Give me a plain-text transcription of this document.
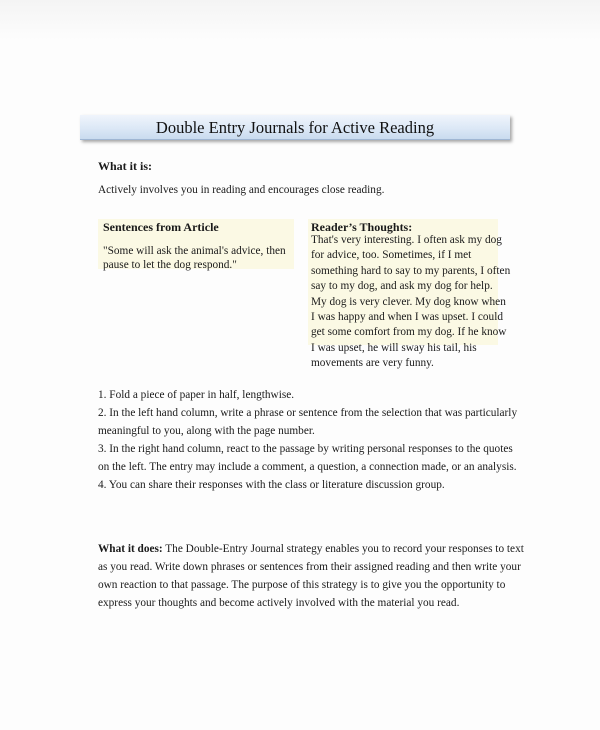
Double Entry Journals for Active Reading
What it is:
Actively involves you in reading and encourages close reading.
Sentences from Article
"Some will ask the animal's advice, then pause to let the dog respond."
Reader’s Thoughts:
That's very interesting. I often ask my dog for advice, too. Sometimes, if I met something hard to say to my parents, I often say to my dog, and ask my dog for help. My dog is very clever. My dog know when I was happy and when I was upset. I could get some comfort from my dog. If he know I was upset, he will sway his tail, his movements are very funny.

1. Fold a piece of paper in half, lengthwise.

2. In the left hand column, write a phrase or sentence from the selection that was particularly meaningful to you, along with the page number.

3. In the right hand column, react to the passage by writing personal responses to the quotes on the left. The entry may include a comment, a question, a connection made, or an analysis.

4. You can share their responses with the class or literature discussion group.

What it does: The Double-Entry Journal strategy enables you to record your responses to text as you read. Write down phrases or sentences from their assigned reading and then write your own reaction to that passage. The purpose of this strategy is to give you the opportunity to express your thoughts and become actively involved with the material you read.
